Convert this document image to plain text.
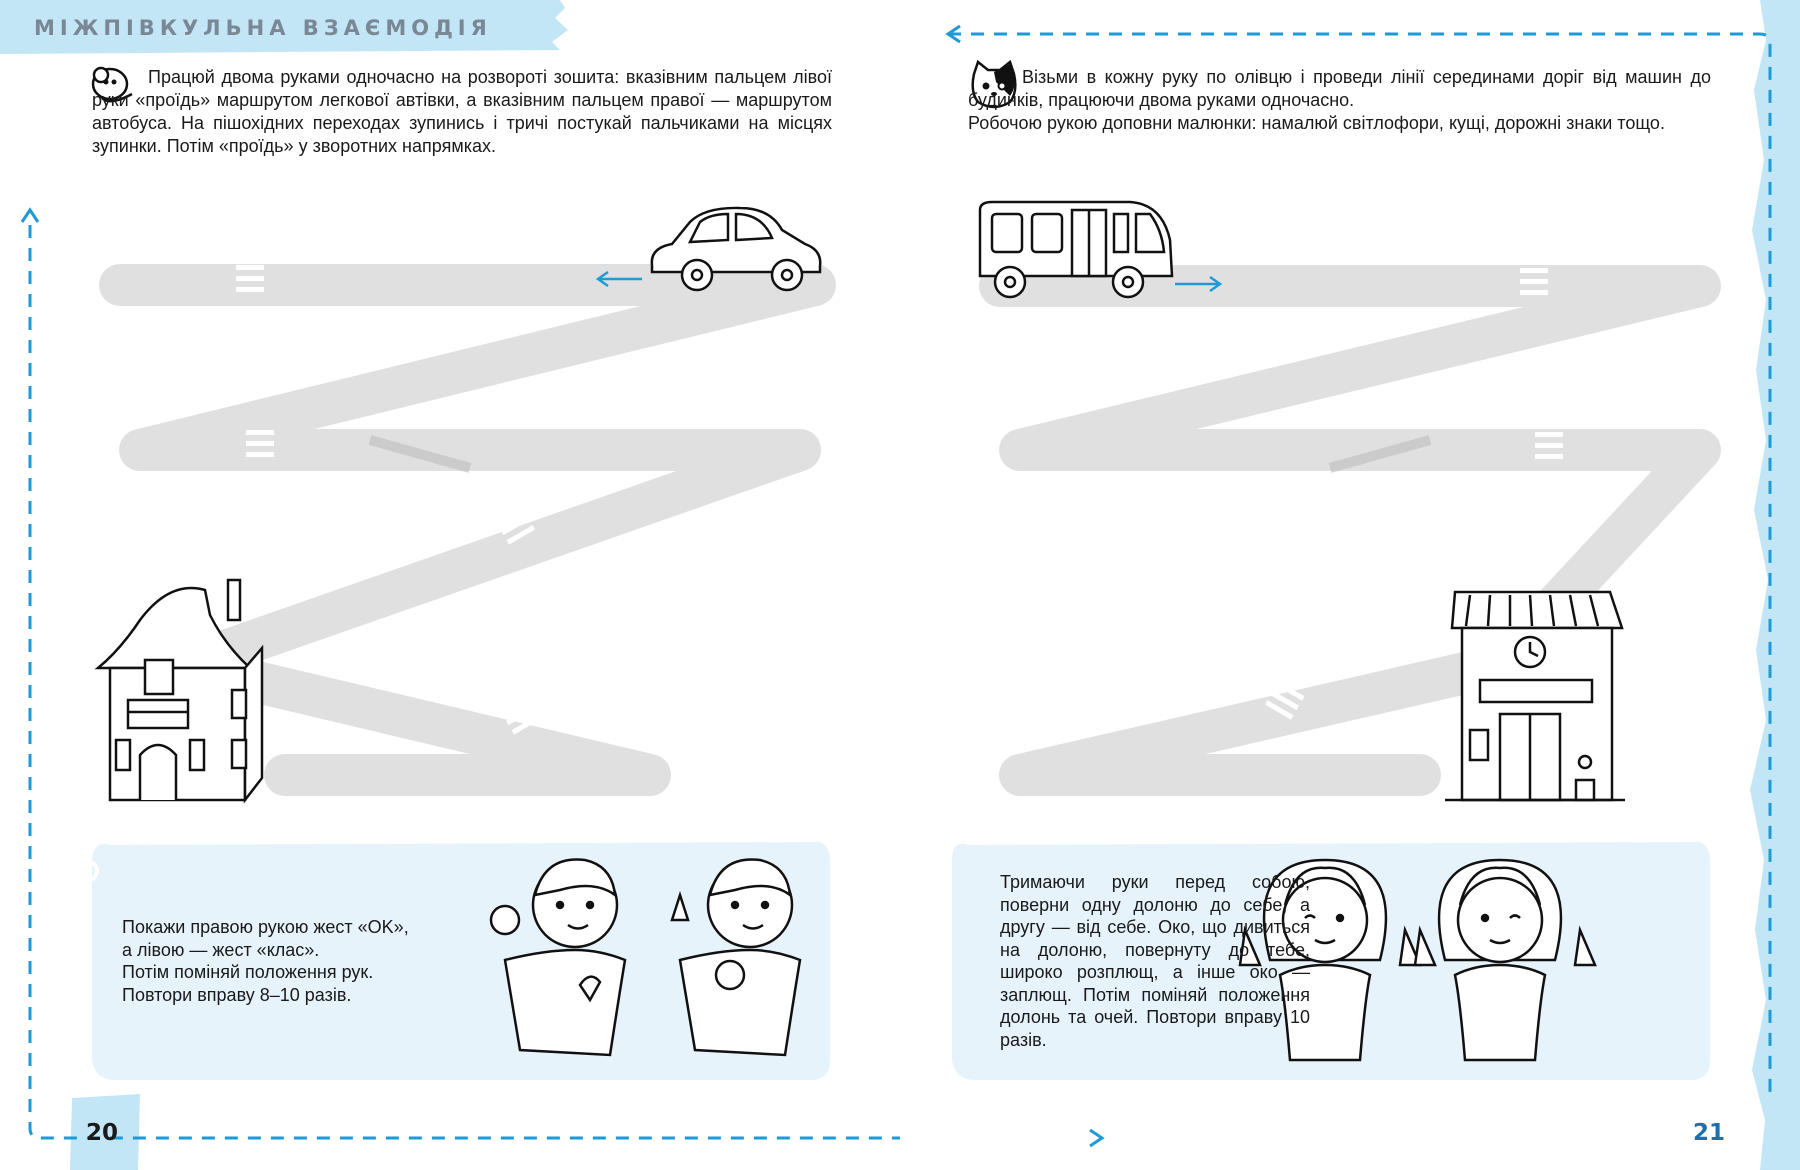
МІЖПІВКУЛЬНА ВЗАЄМОДІЯ

Працюй двома руками одночасно на розвороті зошита: вказівним пальцем лівої руки «проїдь» маршрутом легкової автівки, а вказівним пальцем правої — маршрутом автобуса. На пішохідних переходах зупинись і тричі постукай пальчиками на місцях зупинки. Потім «проїдь» у зворотних напрямках.

Покажи правою рукою жест «OK»,

а лівою — жест «клас».

Потім поміняй положення рук.

Повтори вправу 8–10 разів.

20

Візьми в кожну руку по олівцю і проведи лінії серединами доріг від машин до будинків, працюючи двома руками одночасно.

Робочою рукою доповни малюнки: намалюй світлофори, кущі, дорожні знаки тощо.

Тримаючи руки перед собою, поверни одну долоню до себе, а другу — від себе. Око, що дивиться на долоню, повернуту до тебе, широко розплющ, а інше око — заплющ. Потім поміняй положення долонь та очей. Повтори вправу 10 разів.

21
